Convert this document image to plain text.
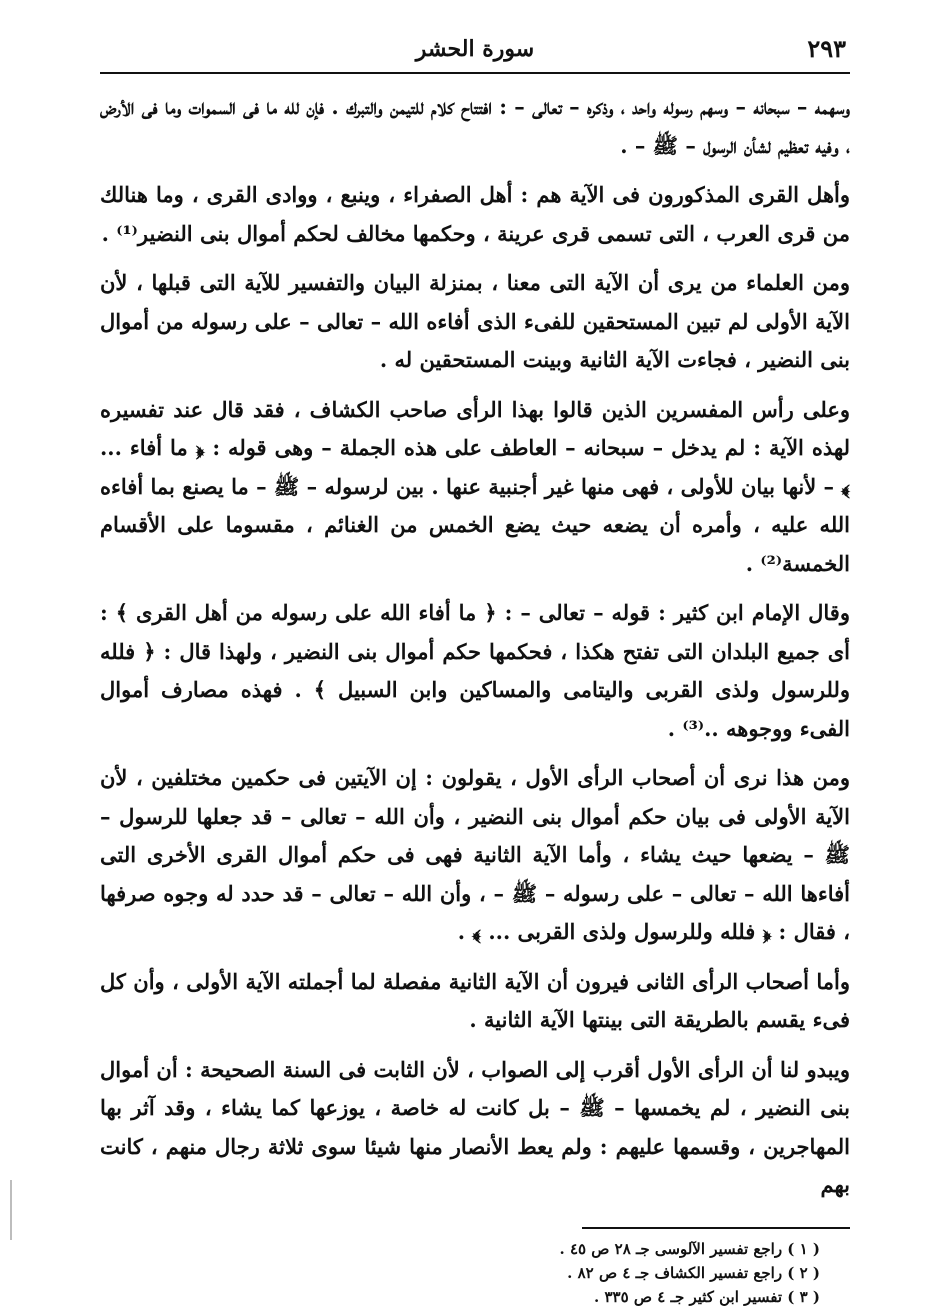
٢٩٣
سورة الحشر

وسهمه – سبحانه – وسهم رسوله واحد ، وذكره – تعالى – : افتتاح كلام للتيمن والتبرك . فإن لله ما فى السموات وما فى الأرض ، وفيه تعظيم لشأن الرسول – ﷺ – .

وأهل القرى المذكورون فى الآية هم : أهل الصفراء ، وينبع ، ووادى القرى ، وما هنالك من قرى العرب ، التى تسمى قرى عرينة ، وحكمها مخالف لحكم أموال بنى النضير⁽¹⁾ .

ومن العلماء من يرى أن الآية التى معنا ، بمنزلة البيان والتفسير للآية التى قبلها ، لأن الآية الأولى لم تبين المستحقين للفىء الذى أفاءه الله – تعالى – على رسوله من أموال بنى النضير ، فجاءت الآية الثانية وبينت المستحقين له .

وعلى رأس المفسرين الذين قالوا بهذا الرأى صاحب الكشاف ، فقد قال عند تفسيره لهذه الآية : لم يدخل – سبحانه – العاطف على هذه الجملة – وهى قوله : ﴿ ما أفاء ... ﴾ – لأنها بيان للأولى ، فهى منها غير أجنبية عنها . بين لرسوله – ﷺ – ما يصنع بما أفاءه الله عليه ، وأمره أن يضعه حيث يضع الخمس من الغنائم ، مقسوما على الأقسام الخمسة⁽²⁾ .

وقال الإمام ابن كثير : قوله – تعالى – : ﴿ ما أفاء الله على رسوله من أهل القرى ﴾ : أى جميع البلدان التى تفتح هكذا ، فحكمها حكم أموال بنى النضير ، ولهذا قال : ﴿ فلله وللرسول ولذى القربى واليتامى والمساكين وابن السبيل ﴾ . فهذه مصارف أموال الفىء ووجوهه ..⁽³⁾ .

ومن هذا نرى أن أصحاب الرأى الأول ، يقولون : إن الآيتين فى حكمين مختلفين ، لأن الآية الأولى فى بيان حكم أموال بنى النضير ، وأن الله – تعالى – قد جعلها للرسول – ﷺ – يضعها حيث يشاء ، وأما الآية الثانية فهى فى حكم أموال القرى الأخرى التى أفاءها الله – تعالى – على رسوله – ﷺ – ، وأن الله – تعالى – قد حدد له وجوه صرفها ، فقال : ﴿ فلله وللرسول ولذى القربى ... ﴾ .

وأما أصحاب الرأى الثانى فيرون أن الآية الثانية مفصلة لما أجملته الآية الأولى ، وأن كل فىء يقسم بالطريقة التى بينتها الآية الثانية .

ويبدو لنا أن الرأى الأول أقرب إلى الصواب ، لأن الثابت فى السنة الصحيحة : أن أموال بنى النضير ، لم يخمسها – ﷺ – بل كانت له خاصة ، يوزعها كما يشاء ، وقد آثر بها المهاجرين ، وقسمها عليهم : ولم يعط الأنصار منها شيئا سوى ثلاثة رجال منهم ، كانت بهم

( ١ ) راجع تفسير الآلوسى جـ ٢٨ ص ٤٥ .

( ٢ ) راجع تفسير الكشاف جـ ٤ ص ٨٢ .

( ٣ ) تفسير ابن كثير جـ ٤ ص ٣٣٥ .
